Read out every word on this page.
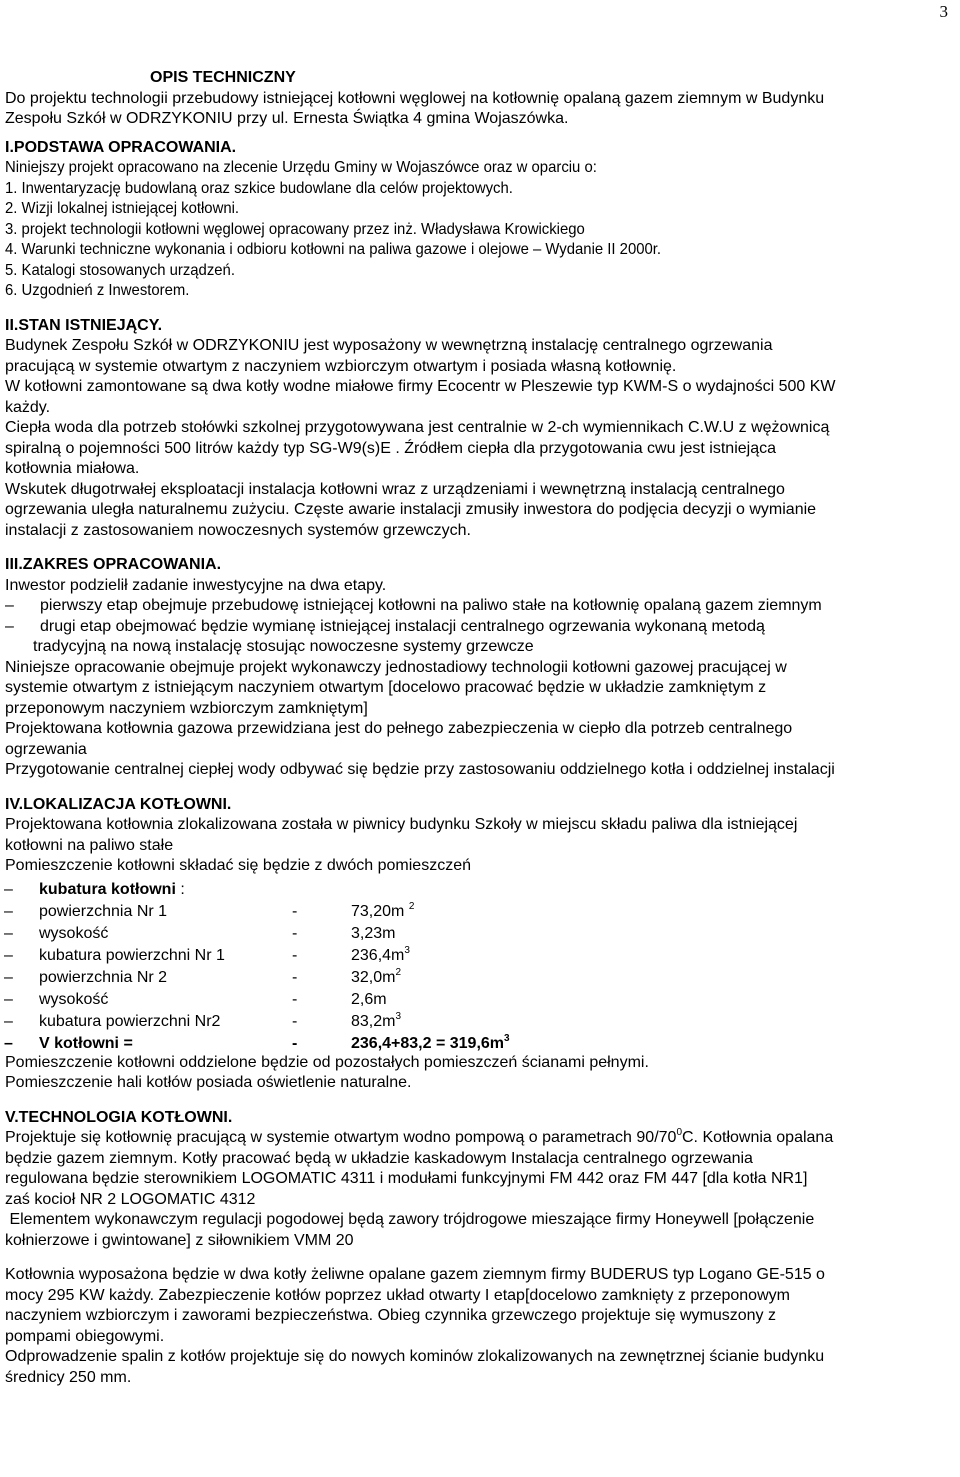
3
OPIS TECHNICZNY
Do projektu technologii przebudowy istniejącej kotłowni węglowej na kotłownię opalaną gazem ziemnym w Budynku
Zespołu Szkół w ODRZYKONIU przy ul. Ernesta Świątka 4 gmina Wojaszówka.
I.PODSTAWA OPRACOWANIA.
Niniejszy projekt opracowano na zlecenie Urzędu Gminy w Wojaszówce oraz w oparciu o:
1. Inwentaryzację budowlaną oraz szkice budowlane dla celów projektowych.
2. Wizji lokalnej istniejącej kotłowni.
3. projekt technologii kotłowni węglowej opracowany przez inż. Władysława Krowickiego
4. Warunki techniczne wykonania i odbioru kotłowni na paliwa gazowe i olejowe – Wydanie II 2000r.
5. Katalogi stosowanych urządzeń.
6. Uzgodnień z Inwestorem.
II.STAN ISTNIEJĄCY.
Budynek Zespołu Szkół w ODRZYKONIU jest wyposażony w wewnętrzną instalację centralnego ogrzewania
pracującą w systemie otwartym z naczyniem wzbiorczym otwartym i posiada własną kotłownię.
W kotłowni zamontowane są dwa kotły wodne miałowe firmy Ecocentr w Pleszewie typ KWM-S o wydajności 500 KW
każdy.
Ciepła woda dla potrzeb stołówki szkolnej przygotowywana jest centralnie w 2-ch wymiennikach C.W.U z wężownicą
spiralną o pojemności 500 litrów każdy typ SG-W9(s)E . Źródłem ciepła dla przygotowania cwu jest istniejąca
kotłownia miałowa.
Wskutek długotrwałej eksploatacji instalacja kotłowni wraz z urządzeniami i wewnętrzną instalacją centralnego
ogrzewania uległa naturalnemu zużyciu. Częste awarie instalacji zmusiły inwestora do podjęcia decyzji o wymianie
instalacji z zastosowaniem nowoczesnych systemów grzewczych.
III.ZAKRES OPRACOWANIA.
Inwestor podzielił zadanie inwestycyjne na dwa etapy.
–	pierwszy etap obejmuje przebudowę istniejącej kotłowni na paliwo stałe na kotłownię opalaną gazem ziemnym
–	drugi etap obejmować będzie wymianę istniejącej instalacji centralnego ogrzewania wykonaną metodą
tradycyjną na nową instalację stosując nowoczesne systemy grzewcze
Niniejsze opracowanie obejmuje projekt wykonawczy jednostadiowy technologii kotłowni gazowej pracującej w
systemie otwartym z istniejącym naczyniem otwartym [docelowo pracować będzie w układzie zamkniętym z
przeponowym naczyniem wzbiorczym zamkniętym]
Projektowana kotłownia gazowa przewidziana jest do pełnego zabezpieczenia w ciepło dla potrzeb centralnego
ogrzewania
Przygotowanie centralnej ciepłej wody odbywać się będzie przy zastosowaniu oddzielnego kotła i oddzielnej instalacji
IV.LOKALIZACJA KOTŁOWNI.
Projektowana kotłownia zlokalizowana została w piwnicy budynku Szkoły w miejscu składu paliwa dla istniejącej
kotłowni na paliwo stałe
Pomieszczenie kotłowni składać się będzie z dwóch pomieszczeń
–	kubatura kotłowni :		
–	powierzchnia Nr 1	-	73,20m $^2$
–	wysokość	-	3,23m
–	kubatura powierzchni Nr 1	-	$236,4m^3$
–	powierzchnia Nr 2	-	$32,0m^2$
–	wysokość	-	2,6m
–	kubatura powierzchni Nr2	-	$83,2m^3$
–	V kotłowni =	-	$236,4+83,2 = 319,6m^3$
Pomieszczenie kotłowni oddzielone będzie od pozostałych pomieszczeń ścianami pełnymi.
Pomieszczenie hali kotłów posiada oświetlenie naturalne.
V.TECHNOLOGIA KOTŁOWNI.
Projektuje się kotłownię pracującą w systemie otwartym wodno pompową o parametrach $90/70^0C$. Kotłownia opalana
będzie gazem ziemnym. Kotły pracować będą w układzie kaskadowym Instalacja centralnego ogrzewania
regulowana będzie sterownikiem LOGOMATIC 4311 i modułami funkcyjnymi FM 442 oraz FM 447 [dla kotła NR1]
zaś kocioł NR 2 LOGOMATIC 4312
Elementem wykonawczym regulacji pogodowej będą zawory trójdrogowe mieszające firmy Honeywell [połączenie
kołnierzowe i gwintowane] z siłownikiem VMM 20
Kotłownia wyposażona będzie w dwa kotły żeliwne opalane gazem ziemnym firmy BUDERUS typ Logano GE-515 o
mocy 295 KW każdy. Zabezpieczenie kotłów poprzez układ otwarty I etap[docelowo zamknięty z przeponowym
naczyniem wzbiorczym i zaworami bezpieczeństwa. Obieg czynnika grzewczego projektuje się wymuszony z
pompami obiegowymi.
Odprowadzenie spalin z kotłów projektuje się do nowych kominów zlokalizowanych na zewnętrznej ścianie budynku
średnicy 250 mm.
